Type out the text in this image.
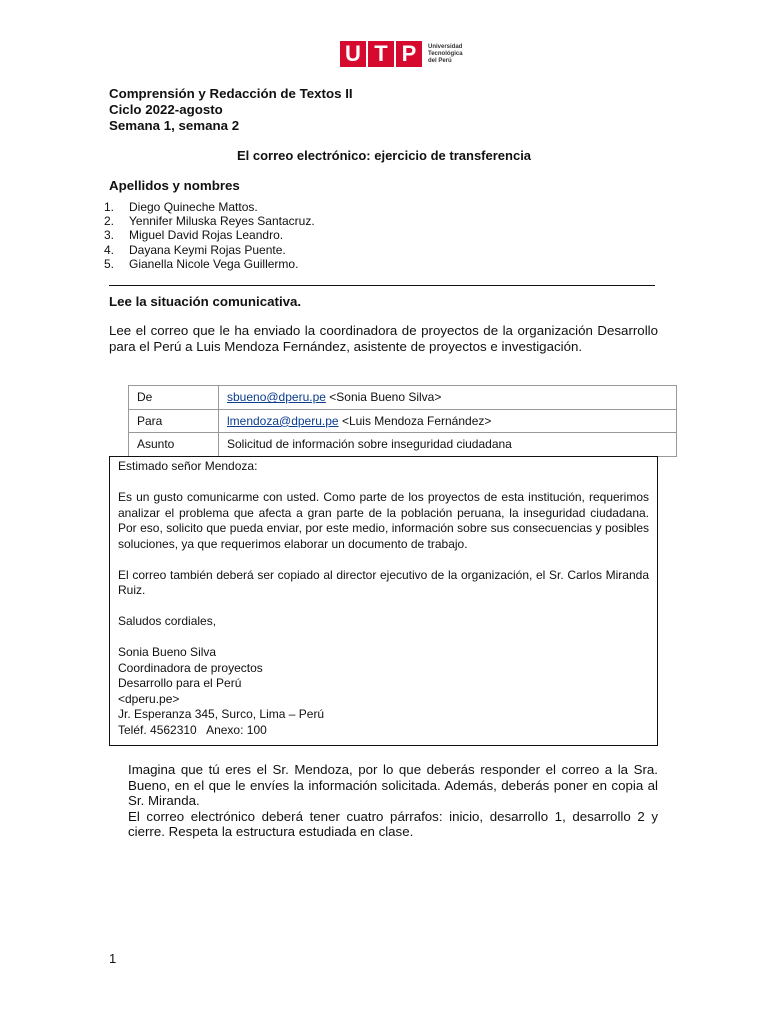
U T P	Universidad Tecnológica del Perú
Comprensión y Redacción de Textos II
Ciclo 2022-agosto
Semana 1, semana 2
El correo electrónico: ejercicio de transferencia
Apellidos y nombres
1.	Diego Quineche Mattos.
2.	Yennifer Miluska Reyes Santacruz.
3.	Miguel David Rojas Leandro.
4.	Dayana Keymi Rojas Puente.
5.	Gianella Nicole Vega Guillermo.
Lee la situación comunicativa.

Lee el correo que le ha enviado la coordinadora de proyectos de la organización Desarrollo para el Perú a Luis Mendoza Fernández, asistente de proyectos e investigación.

De	sbueno@dperu.pe <Sonia Bueno Silva>
Para	lmendoza@dperu.pe <Luis Mendoza Fernández>
Asunto	Solicitud de información sobre inseguridad ciudadana

Estimado señor Mendoza:

Es un gusto comunicarme con usted. Como parte de los proyectos de esta institución, requerimos analizar el problema que afecta a gran parte de la población peruana, la inseguridad ciudadana. Por eso, solicito que pueda enviar, por este medio, información sobre sus consecuencias y posibles soluciones, ya que requerimos elaborar un documento de trabajo.

El correo también deberá ser copiado al director ejecutivo de la organización, el Sr. Carlos Miranda Ruiz.

Saludos cordiales,

Sonia Bueno Silva
Coordinadora de proyectos
Desarrollo para el Perú
<dperu.pe>
Jr. Esperanza 345, Surco, Lima – Perú
Teléf. 4562310   Anexo: 100

Imagina que tú eres el Sr. Mendoza, por lo que deberás responder el correo a la Sra. Bueno, en el que le envíes la información solicitada. Además, deberás poner en copia al Sr. Miranda.

El correo electrónico deberá tener cuatro párrafos: inicio, desarrollo 1, desarrollo 2 y cierre. Respeta la estructura estudiada en clase.

1
